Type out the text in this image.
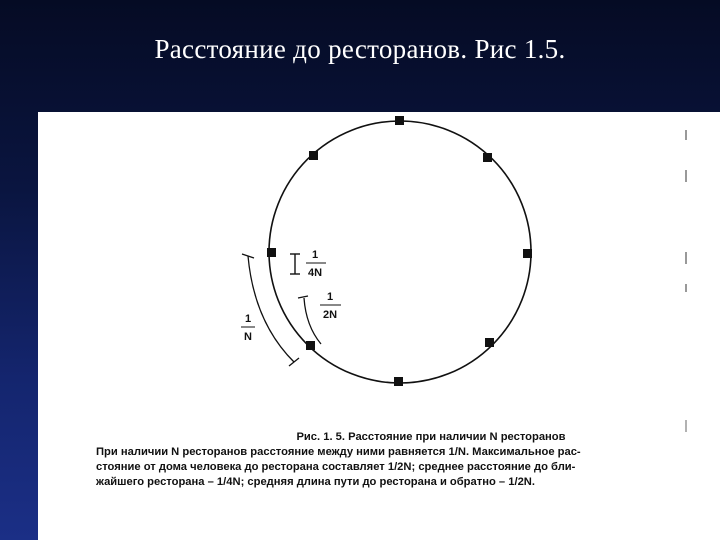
Расстояние до ресторанов. Рис 1.5.
1
4N
1
2N
1
N
Рис. 1. 5. Расстояние при наличии N ресторанов
При наличии N ресторанов расстояние между ними равняется 1/N. Максимальное рас-
стояние от дома человека до ресторана составляет 1/2N; среднее расстояние до бли-
жайшего ресторана – 1/4N; средняя длина пути до ресторана и обратно – 1/2N.
